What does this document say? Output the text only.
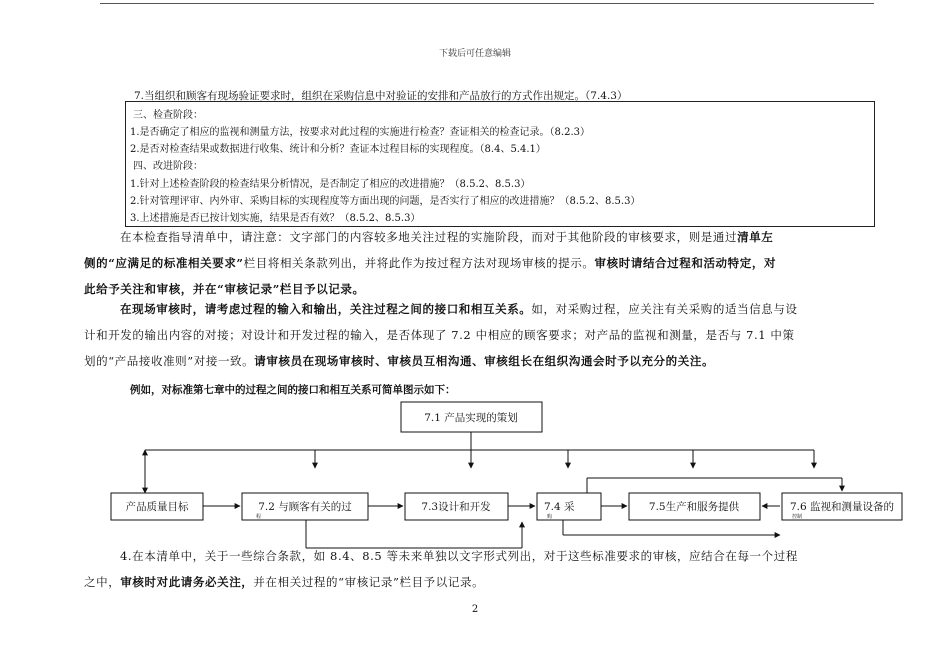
下载后可任意编辑
7.当组织和顾客有现场验证要求时，组织在采购信息中对验证的安排和产品放行的方式作出规定。（7.4.3）
三、检查阶段：
1.是否确定了相应的监视和测量方法，按要求对此过程的实施进行检查？查证相关的检查记录。（8.2.3）
2.是否对检查结果或数据进行收集、统计和分析？查证本过程目标的实现程度。（8.4、5.4.1）
四、改进阶段：
1.针对上述检查阶段的检查结果分析情况，是否制定了相应的改进措施？（8.5.2、8.5.3）
2.针对管理评审、内外审、采购目标的实现程度等方面出现的问题，是否实行了相应的改进措施？（8.5.2、8.5.3）
3.上述措施是否已按计划实施，结果是否有效？（8.5.2、8.5.3）
在本检查指导清单中，请注意：文字部门的内容较多地关注过程的实施阶段，而对于其他阶段的审核要求，则是通过清单左
侧的“应满足的标准相关要求”栏目将相关条款列出，并将此作为按过程方法对现场审核的提示。审核时请结合过程和活动特定，对
此给予关注和审核，并在“审核记录”栏目予以记录。
在现场审核时，请考虑过程的输入和输出，关注过程之间的接口和相互关系。如，对采购过程，应关注有关采购的适当信息与设
计和开发的输出内容的对接；对设计和开发过程的输入，是否体现了 7.2 中相应的顾客要求；对产品的监视和测量，是否与 7.1 中策
划的“产品接收准则”对接一致。请审核员在现场审核时、审核员互相沟通、审核组长在组织沟通会时予以充分的关注。
例如，对标准第七章中的过程之间的接口和相互关系可简单图示如下：
7.1 产品实现的策划
产品质量目标	7.2 与顾客有关的过
程
7.3设计和开发	7.4 采
购
7.5生产和服务提供	7.6 监视和测量设备的
控制
4.在本清单中，关于一些综合条款，如 8.4、8.5 等未来单独以文字形式列出，对于这些标准要求的审核，应结合在每一个过程
之中，审核时对此请务必关注，并在相关过程的“审核记录”栏目予以记录。
2
